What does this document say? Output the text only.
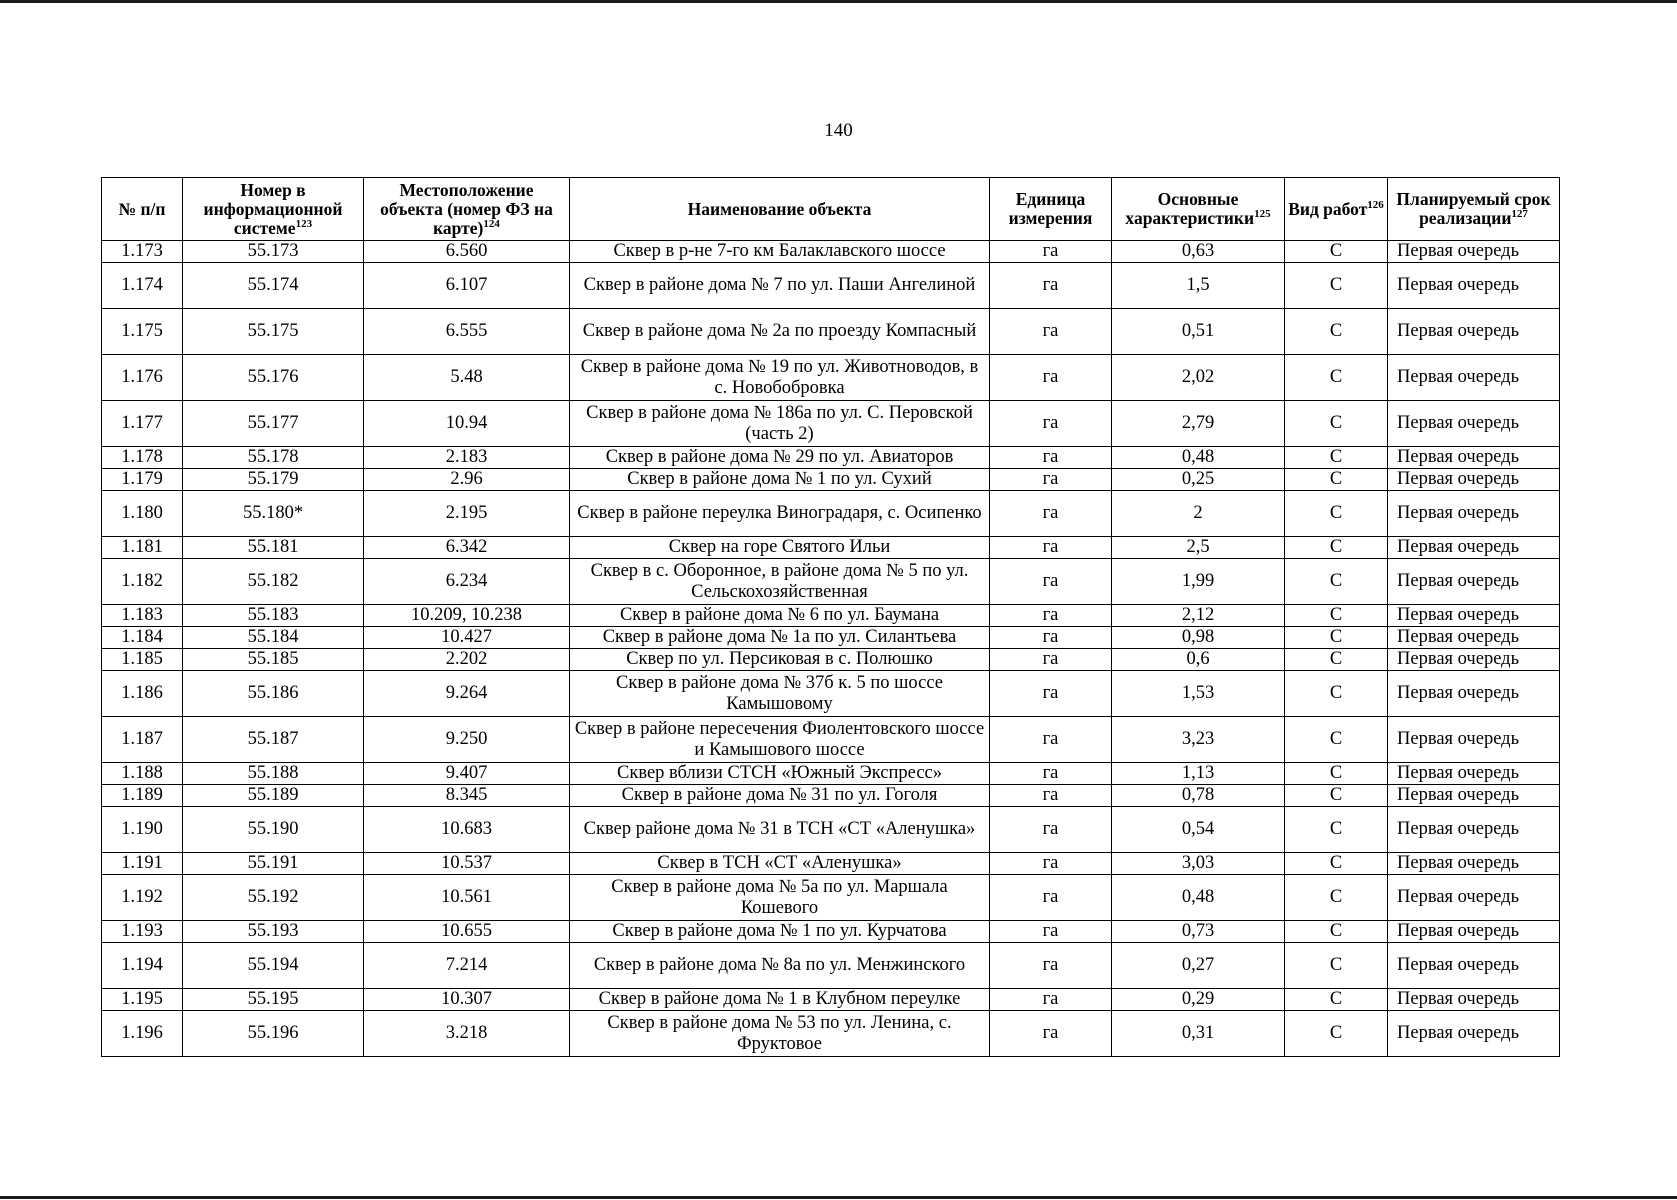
140
№ п/п	Номер в информационной системе$^{123}$	Местоположение объекта (номер ФЗ на карте)$^{124}$	Наименование объекта	Единица измерения	Основные характеристики$^{125}$	Вид работ$^{126}$	Планируемый срок реализации$^{127}$
1.173	55.173	6.560	Сквер в р-не 7-го км Балаклавского шоссе	га	0,63	С	Первая очередь
1.174	55.174	6.107	Сквер в районе дома № 7 по ул. Паши Ангелиной	га	1,5	С	Первая очередь
1.175	55.175	6.555	Сквер в районе дома № 2а по проезду Компасный	га	0,51	С	Первая очередь
1.176	55.176	5.48	Сквер в районе дома № 19 по ул. Животноводов, в с. Новобобровка	га	2,02	С	Первая очередь
1.177	55.177	10.94	Сквер в районе дома № 186а по ул. С. Перовской (часть 2)	га	2,79	С	Первая очередь
1.178	55.178	2.183	Сквер в районе дома № 29 по ул. Авиаторов	га	0,48	С	Первая очередь
1.179	55.179	2.96	Сквер в районе дома № 1 по ул. Сухий	га	0,25	С	Первая очередь
1.180	55.180*	2.195	Сквер в районе переулка Виноградаря, с. Осипенко	га	2	С	Первая очередь
1.181	55.181	6.342	Сквер на горе Святого Ильи	га	2,5	С	Первая очередь
1.182	55.182	6.234	Сквер в с. Оборонное, в районе дома № 5 по ул. Сельскохозяйственная	га	1,99	С	Первая очередь
1.183	55.183	10.209, 10.238	Сквер в районе дома № 6 по ул. Баумана	га	2,12	С	Первая очередь
1.184	55.184	10.427	Сквер в районе дома № 1а по ул. Силантьева	га	0,98	С	Первая очередь
1.185	55.185	2.202	Сквер по ул. Персиковая в с. Полюшко	га	0,6	С	Первая очередь
1.186	55.186	9.264	Сквер в районе дома № 37б к. 5 по шоссе Камышовому	га	1,53	С	Первая очередь
1.187	55.187	9.250	Сквер в районе пересечения Фиолентовского шоссе и Камышового шоссе	га	3,23	С	Первая очередь
1.188	55.188	9.407	Сквер вблизи СТСН «Южный Экспресс»	га	1,13	С	Первая очередь
1.189	55.189	8.345	Сквер в районе дома № 31 по ул. Гоголя	га	0,78	С	Первая очередь
1.190	55.190	10.683	Сквер районе дома № 31 в ТСН «СТ «Аленушка»	га	0,54	С	Первая очередь
1.191	55.191	10.537	Сквер в ТСН «СТ «Аленушка»	га	3,03	С	Первая очередь
1.192	55.192	10.561	Сквер в районе дома № 5а по ул. Маршала Кошевого	га	0,48	С	Первая очередь
1.193	55.193	10.655	Сквер в районе дома № 1 по ул. Курчатова	га	0,73	С	Первая очередь
1.194	55.194	7.214	Сквер в районе дома № 8а по ул. Менжинского	га	0,27	С	Первая очередь
1.195	55.195	10.307	Сквер в районе дома № 1 в Клубном переулке	га	0,29	С	Первая очередь
1.196	55.196	3.218	Сквер в районе дома № 53 по ул. Ленина, с. Фруктовое	га	0,31	С	Первая очередь
